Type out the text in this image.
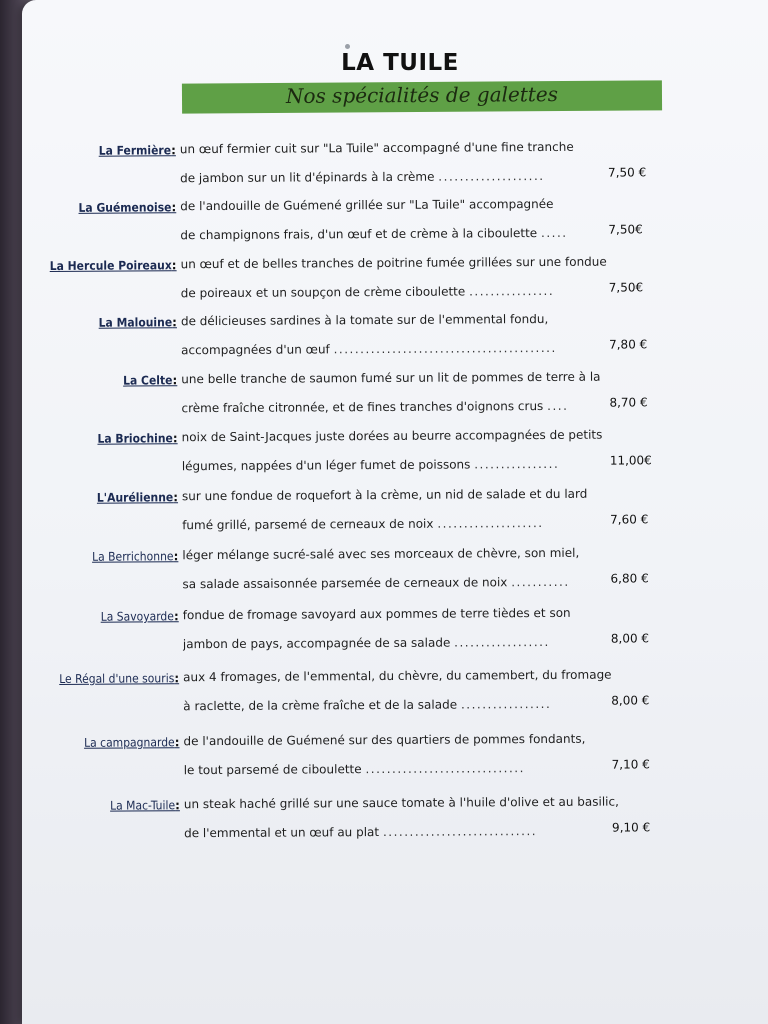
LA TUILE
Nos spécialités de galettes
La Fermière: un œuf fermier cuit sur "La Tuile" accompagné d'une fine tranche
de jambon sur un lit d'épinards à la crème ....................	7,50 €
La Guémenoise: de l'andouille de Guémené grillée sur "La Tuile" accompagnée
de champignons frais, d'un œuf et de crème à la ciboulette .....	7,50€
La Hercule Poireaux: un œuf et de belles tranches de poitrine fumée grillées sur une fondue
de poireaux et un soupçon de crème ciboulette ................	7,50€
La Malouine: de délicieuses sardines à la tomate sur de l'emmental fondu,
accompagnées d'un œuf ..........................................	7,80 €
La Celte: une belle tranche de saumon fumé sur un lit de pommes de terre à la
crème fraîche citronnée, et de fines tranches d'oignons crus ....	8,70 €
La Briochine: noix de Saint-Jacques juste dorées au beurre accompagnées de petits
légumes, nappées d'un léger fumet de poissons ................	11,00€
L'Aurélienne: sur une fondue de roquefort à la crème, un nid de salade et du lard
fumé grillé, parsemé de cerneaux de noix ....................	7,60 €
La Berrichonne: léger mélange sucré-salé avec ses morceaux de chèvre, son miel,
sa salade assaisonnée parsemée de cerneaux de noix ...........	6,80 €
La Savoyarde: fondue de fromage savoyard aux pommes de terre tièdes et son
jambon de pays, accompagnée de sa salade ..................	8,00 €
Le Régal d'une souris: aux 4 fromages, de l'emmental, du chèvre, du camembert, du fromage
à raclette, de la crème fraîche et de la salade .................	8,00 €
La campagnarde: de l'andouille de Guémené sur des quartiers de pommes fondants,
le tout parsemé de ciboulette ..............................	7,10 €
La Mac-Tuile: un steak haché grillé sur une sauce tomate à l'huile d'olive et au basilic,
de l'emmental et un œuf au plat .............................	9,10 €
